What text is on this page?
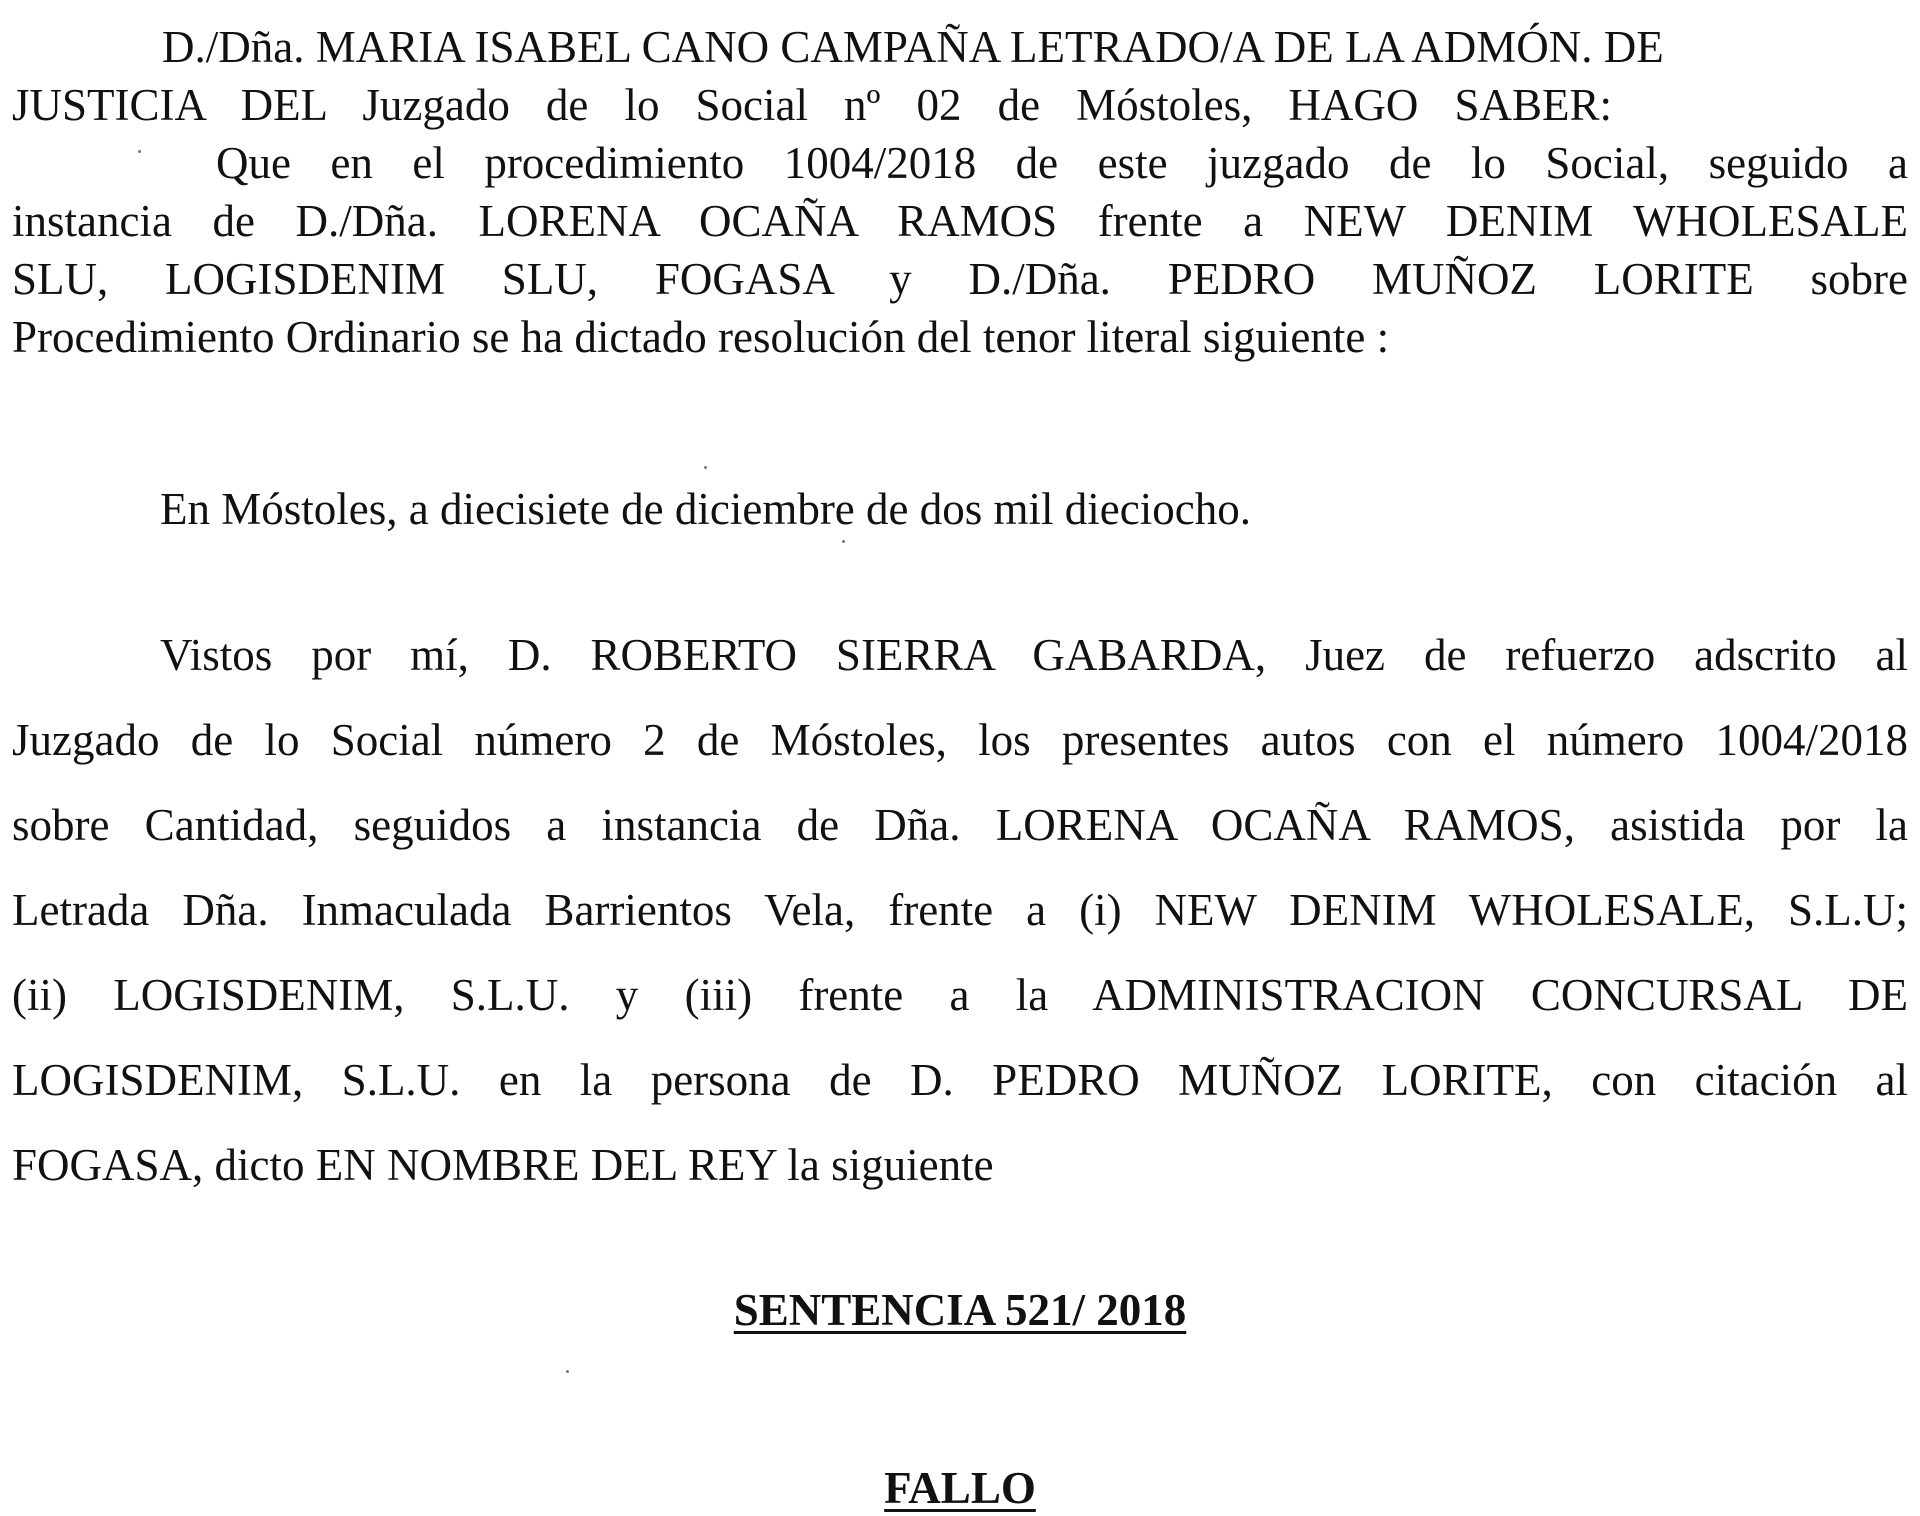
D./Dña. MARIA ISABEL CANO CAMPAÑA LETRADO/A DE LA ADMÓN. DE
JUSTICIA DEL Juzgado de lo Social nº 02 de Móstoles, HAGO SABER:
Que en el procedimiento 1004/2018 de este juzgado de lo Social, seguido a
instancia de D./Dña. LORENA OCAÑA RAMOS frente a NEW DENIM WHOLESALE
SLU, LOGISDENIM SLU, FOGASA y D./Dña. PEDRO MUÑOZ LORITE sobre
Procedimiento Ordinario se ha dictado resolución del tenor literal siguiente :
En Móstoles, a diecisiete de diciembre de dos mil dieciocho.
Vistos por mí, D. ROBERTO SIERRA GABARDA, Juez de refuerzo adscrito al
Juzgado de lo Social número 2 de Móstoles, los presentes autos con el número 1004/2018
sobre Cantidad, seguidos a instancia de Dña. LORENA OCAÑA RAMOS, asistida por la
Letrada Dña. Inmaculada Barrientos Vela, frente a (i) NEW DENIM WHOLESALE, S.L.U;
(ii) LOGISDENIM, S.L.U. y (iii) frente a la ADMINISTRACION CONCURSAL DE
LOGISDENIM, S.L.U. en la persona de D. PEDRO MUÑOZ LORITE, con citación al
FOGASA, dicto EN NOMBRE DEL REY la siguiente
SENTENCIA 521/ 2018
FALLO
